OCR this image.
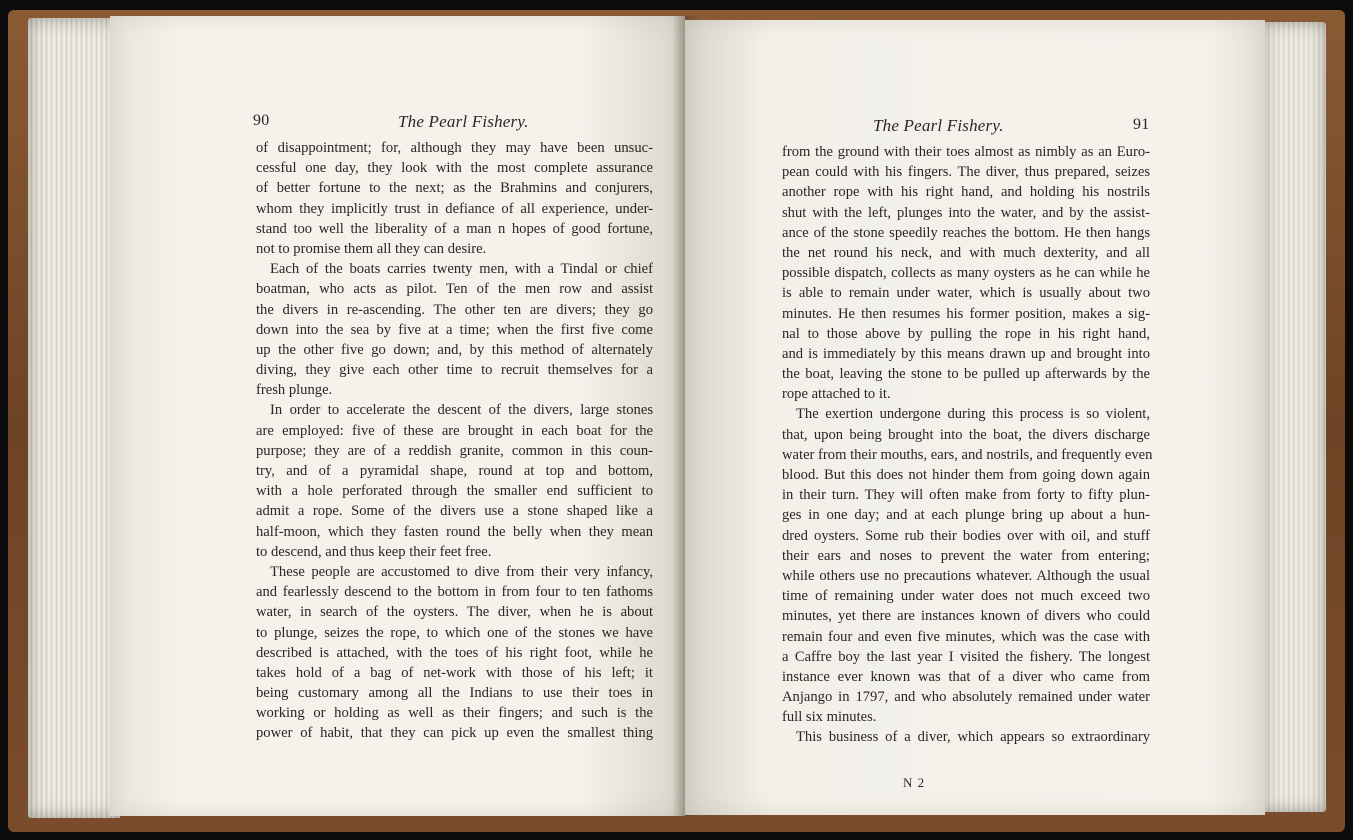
90	The Pearl Fishery.
of disappointment; for, although they may have been unsuc-
cessful one day, they look with the most complete assurance
of better fortune to the next; as the Brahmins and conjurers,
whom they implicitly trust in defiance of all experience, under-
stand too well the liberality of a man n hopes of good fortune,
not to promise them all they can desire.
Each of the boats carries twenty men, with a Tindal or chief
boatman, who acts as pilot. Ten of the men row and assist
the divers in re-ascending. The other ten are divers; they go
down into the sea by five at a time; when the first five come
up the other five go down; and, by this method of alternately
diving, they give each other time to recruit themselves for a
fresh plunge.
In order to accelerate the descent of the divers, large stones
are employed: five of these are brought in each boat for the
purpose; they are of a reddish granite, common in this coun-
try, and of a pyramidal shape, round at top and bottom,
with a hole perforated through the smaller end sufficient to
admit a rope. Some of the divers use a stone shaped like a
half-moon, which they fasten round the belly when they mean
to descend, and thus keep their feet free.
These people are accustomed to dive from their very infancy,
and fearlessly descend to the bottom in from four to ten fathoms
water, in search of the oysters. The diver, when he is about
to plunge, seizes the rope, to which one of the stones we have
described is attached, with the toes of his right foot, while he
takes hold of a bag of net-work with those of his left; it
being customary among all the Indians to use their toes in
working or holding as well as their fingers; and such is the
power of habit, that they can pick up even the smallest thing
The Pearl Fishery.	91
from the ground with their toes almost as nimbly as an Euro-
pean could with his fingers. The diver, thus prepared, seizes
another rope with his right hand, and holding his nostrils
shut with the left, plunges into the water, and by the assist-
ance of the stone speedily reaches the bottom. He then hangs
the net round his neck, and with much dexterity, and all
possible dispatch, collects as many oysters as he can while he
is able to remain under water, which is usually about two
minutes. He then resumes his former position, makes a sig-
nal to those above by pulling the rope in his right hand,
and is immediately by this means drawn up and brought into
the boat, leaving the stone to be pulled up afterwards by the
rope attached to it.
The exertion undergone during this process is so violent,
that, upon being brought into the boat, the divers discharge
water from their mouths, ears, and nostrils, and frequently even
blood. But this does not hinder them from going down again
in their turn. They will often make from forty to fifty plun-
ges in one day; and at each plunge bring up about a hun-
dred oysters. Some rub their bodies over with oil, and stuff
their ears and noses to prevent the water from entering;
while others use no precautions whatever. Although the usual
time of remaining under water does not much exceed two
minutes, yet there are instances known of divers who could
remain four and even five minutes, which was the case with
a Caffre boy the last year I visited the fishery. The longest
instance ever known was that of a diver who came from
Anjango in 1797, and who absolutely remained under water
full six minutes.
This business of a diver, which appears so extraordinary
N 2
